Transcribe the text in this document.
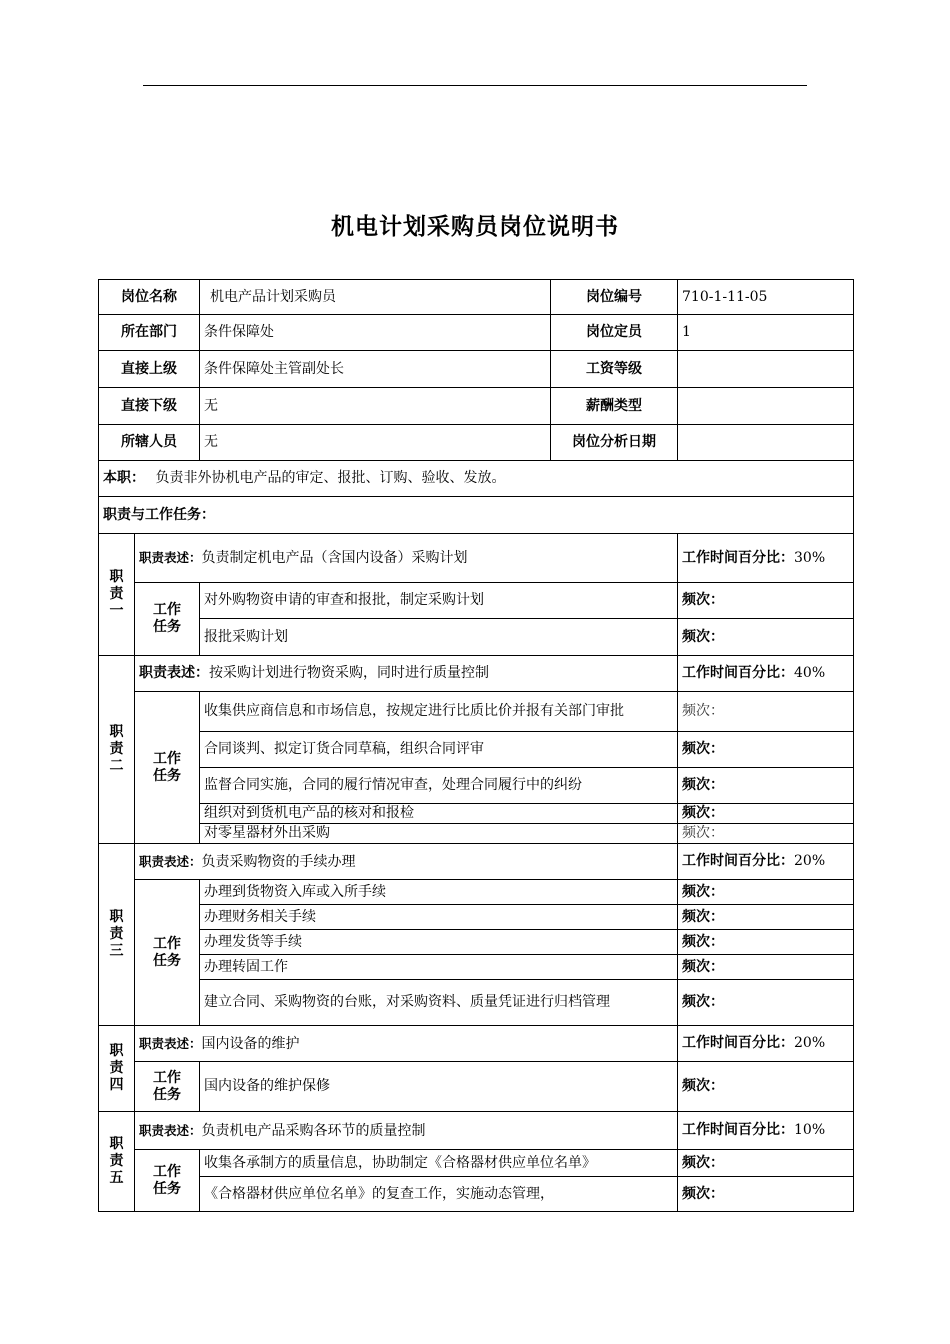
机电计划采购员岗位说明书
岗位名称		机电产品计划采购员	岗位编号	710-1-11-05
所在部门		条件保障处	岗位定员	1
直接上级		条件保障处主管副处长	工资等级	
直接下级		无	薪酬类型	
所辖人员		无	岗位分析日期	
本职： 负责非外协机电产品的审定、报批、订购、验收、发放。				
职责与工作任务：				

职
责
一	职责表述：负责制定机电产品（含国内设备）采购计划			工作时间百分比：30%

	工作
任务	对外购物资申请的审查和报批，制定采购计划		频次：
		报批采购计划		频次：

职
责
二	职责表述：按采购计划进行物资采购，同时进行质量控制			工作时间百分比：40%

	工作
任务	收集供应商信息和市场信息，按规定进行比质比价并报有关部门审批		频次：
		合同谈判、拟定订货合同草稿，组织合同评审		频次：
		监督合同实施，合同的履行情况审查，处理合同履行中的纠纷		频次：
		组织对到货机电产品的核对和报检		频次：
		对零星器材外出采购		频次：

职
责
三	职责表述：负责采购物资的手续办理			工作时间百分比：20%

	工作
任务	办理到货物资入库或入所手续		频次：
		办理财务相关手续		频次：
		办理发货等手续		频次：
		办理转固工作		频次：
		建立合同、采购物资的台账，对采购资料、质量凭证进行归档管理		频次：

职
责
四	职责表述：国内设备的维护			工作时间百分比：20%

	工作
任务	国内设备的维护保修		频次：

职
责
五	职责表述：负责机电产品采购各环节的质量控制			工作时间百分比：10%

	工作
任务	收集各承制方的质量信息，协助制定《合格器材供应单位名单》		频次：
		《合格器材供应单位名单》的复查工作，实施动态管理，		频次：
